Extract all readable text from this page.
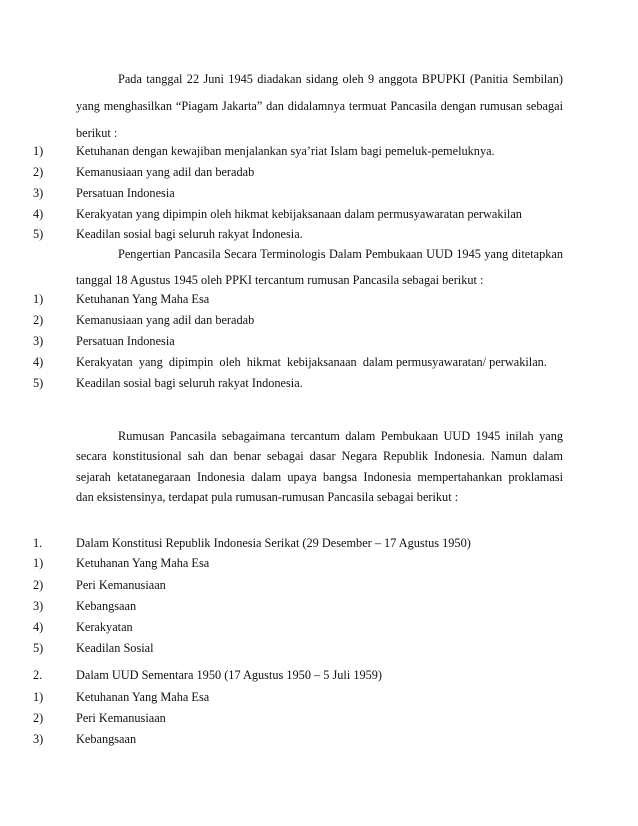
Pada tanggal 22 Juni 1945 diadakan sidang oleh 9 anggota BPUPKI (Panitia Sembilan)
yang menghasilkan “Piagam Jakarta” dan didalamnya termuat Pancasila dengan rumusan sebagai
berikut :
1)	Ketuhanan dengan kewajiban menjalankan sya’riat Islam bagi pemeluk-pemeluknya.
2)	Kemanusiaan yang adil dan beradab
3)	Persatuan Indonesia
4)	Kerakyatan yang dipimpin oleh hikmat kebijaksanaan dalam permusyawaratan perwakilan
5)	Keadilan sosial bagi seluruh rakyat Indonesia.
Pengertian Pancasila Secara Terminologis Dalam Pembukaan UUD 1945 yang ditetapkan
tanggal 18 Agustus 1945 oleh PPKI tercantum rumusan Pancasila sebagai berikut :
1)	Ketuhanan Yang Maha Esa
2)	Kemanusiaan yang adil dan beradab
3)	Persatuan Indonesia
4)	Kerakyatan  yang  dipimpin  oleh  hikmat  kebijaksanaan  dalam permusyawaratan/ perwakilan.
5)	Keadilan sosial bagi seluruh rakyat Indonesia.
Rumusan Pancasila sebagaimana tercantum dalam Pembukaan UUD 1945 inilah yang
secara konstitusional sah dan benar sebagai dasar Negara Republik Indonesia. Namun dalam
sejarah ketatanegaraan Indonesia dalam upaya bangsa Indonesia mempertahankan proklamasi
dan eksistensinya, terdapat pula rumusan-rumusan Pancasila sebagai berikut :
1.	Dalam Konstitusi Republik Indonesia Serikat (29 Desember – 17 Agustus 1950)
1)	Ketuhanan Yang Maha Esa
2)	Peri Kemanusiaan
3)	Kebangsaan
4)	Kerakyatan
5)	Keadilan Sosial
2.	Dalam UUD Sementara 1950 (17 Agustus 1950 – 5 Juli 1959)
1)	Ketuhanan Yang Maha Esa
2)	Peri Kemanusiaan
3)	Kebangsaan
